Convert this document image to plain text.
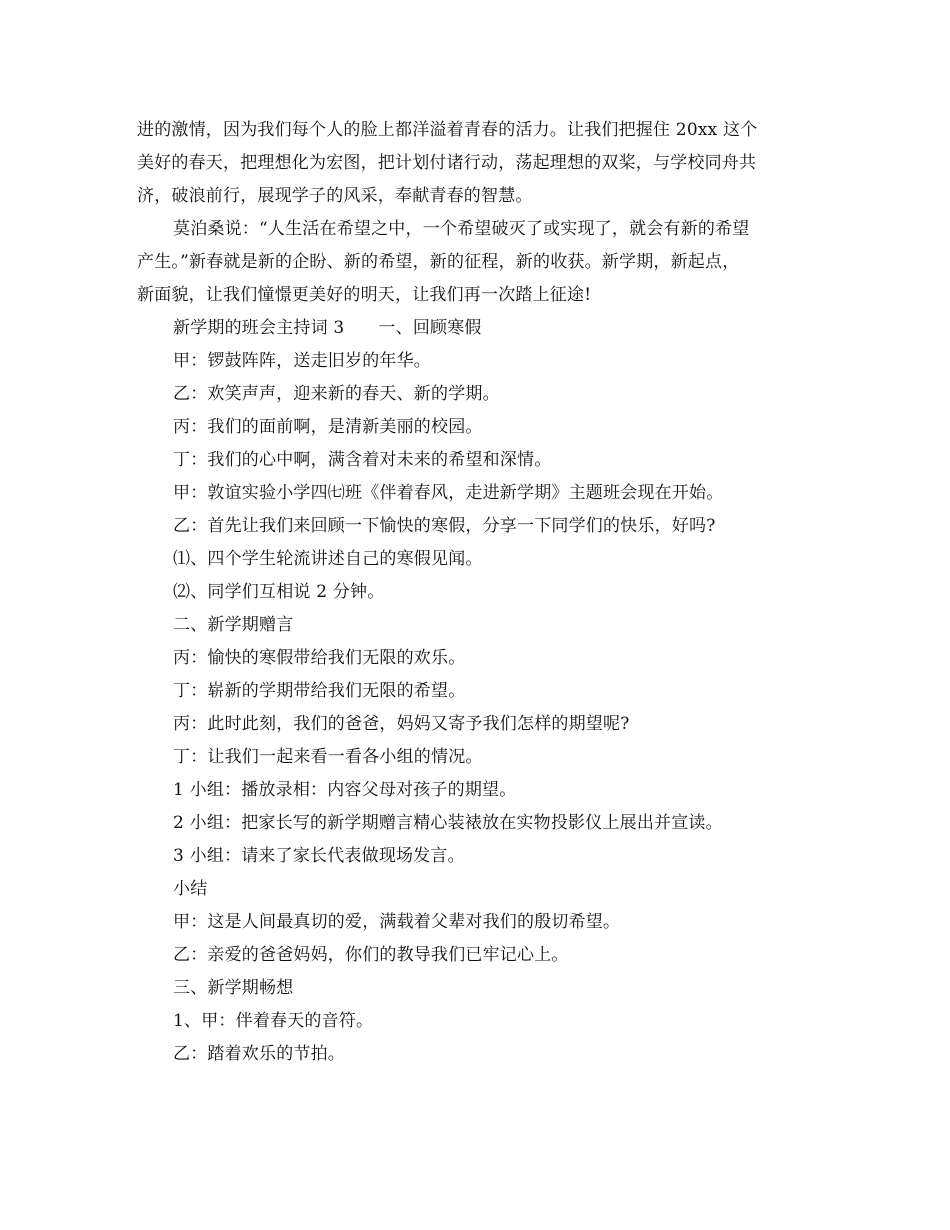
进的激情，因为我们每个人的脸上都洋溢着青春的活力。让我们把握住 20xx 这个

美好的春天，把理想化为宏图，把计划付诸行动，荡起理想的双桨，与学校同舟共

济，破浪前行，展现学子的风采，奉献青春的智慧。

莫泊桑说：“人生活在希望之中，一个希望破灭了或实现了，就会有新的希望

产生。”新春就是新的企盼、新的希望，新的征程，新的收获。新学期，新起点，

新面貌，让我们憧憬更美好的明天，让我们再一次踏上征途!

新学期的班会主持词 3 一、回顾寒假

甲：锣鼓阵阵，送走旧岁的年华。

乙：欢笑声声，迎来新的春天、新的学期。

丙：我们的面前啊，是清新美丽的校园。

丁：我们的心中啊，满含着对未来的希望和深情。

甲：敦谊实验小学四㈦班《伴着春风，走进新学期》主题班会现在开始。

乙：首先让我们来回顾一下愉快的寒假，分享一下同学们的快乐，好吗?

⑴、四个学生轮流讲述自己的寒假见闻。

⑵、同学们互相说 2 分钟。

二、新学期赠言

丙：愉快的寒假带给我们无限的欢乐。

丁：崭新的学期带给我们无限的希望。

丙：此时此刻，我们的爸爸，妈妈又寄予我们怎样的期望呢?

丁：让我们一起来看一看各小组的情况。

1 小组：播放录相：内容父母对孩子的期望。

2 小组：把家长写的新学期赠言精心装裱放在实物投影仪上展出并宣读。

3 小组：请来了家长代表做现场发言。

小结

甲：这是人间最真切的爱，满载着父辈对我们的殷切希望。

乙：亲爱的爸爸妈妈，你们的教导我们已牢记心上。

三、新学期畅想

1、甲：伴着春天的音符。

乙：踏着欢乐的节拍。
